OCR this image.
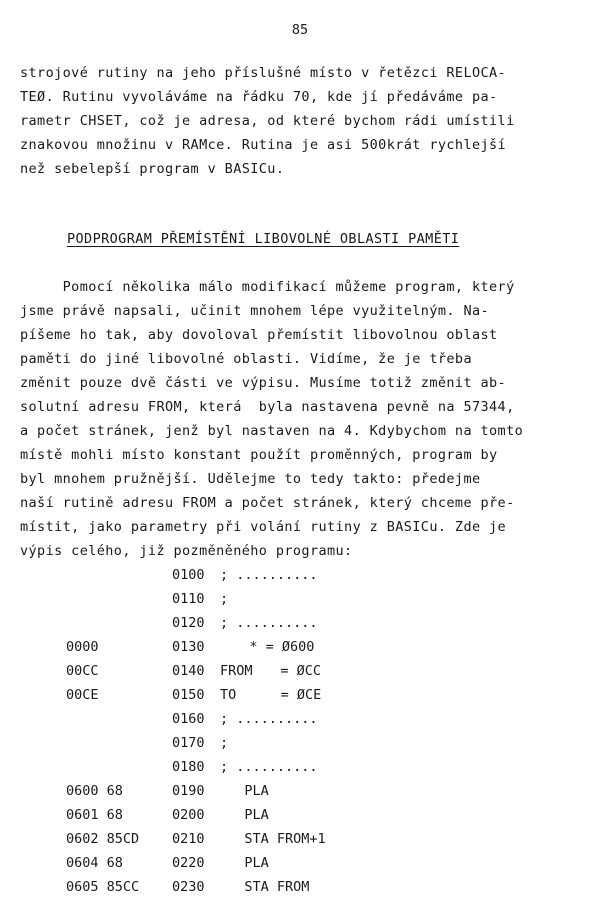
85
strojové rutiny na jeho příslušné místo v řetězci RELOCA-
TEØ. Rutinu vyvoláváme na řádku 70, kde jí předáváme pa-
rametr CHSET, což je adresa, od které bychom rádi umístili
znakovou množinu v RAMce. Rutina je asi 500krát rychlejší
než sebelepší program v BASICu.
PODPROGRAM PŘEMÍSTĚNÍ LIBOVOLNÉ OBLASTI PAMĚTI
Pomocí několika málo modifikací můžeme program, který
jsme právě napsali, učinit mnohem lépe využitelným. Na-
píšeme ho tak, aby dovoloval přemístit libovolnou oblast
paměti do jiné libovolné oblasti. Vidíme, že je třeba
změnit pouze dvě části ve výpisu. Musíme totiž změnit ab-
solutní adresu FROM, která  byla nastavena pevně na 57344,
a počet stránek, jenž byl nastaven na 4. Kdybychom na tomto
místě mohli místo konstant použít proměnných, program by
byl mnohem pružnější. Udělejme to tedy takto: předejme
naší rutině adresu FROM a počet stránek, který chceme pře-
místit, jako parametry při volání rutiny z BASICu. Zde je
výpis celého, již pozměněného programu:
0100 ; ..........
0110 ;
0120 ; ..........
0000	0130 * = Ø600
00CC	0140 FROM = ØCC
00CE	0150 TO = ØCE
0160 ; ..........
0170 ;
0180 ; ..........
0600 68	0190 PLA
0601 68	0200 PLA
0602 85CD 0210 STA FROM+1
0604 68	0220 PLA
0605 85CC 0230 STA FROM
